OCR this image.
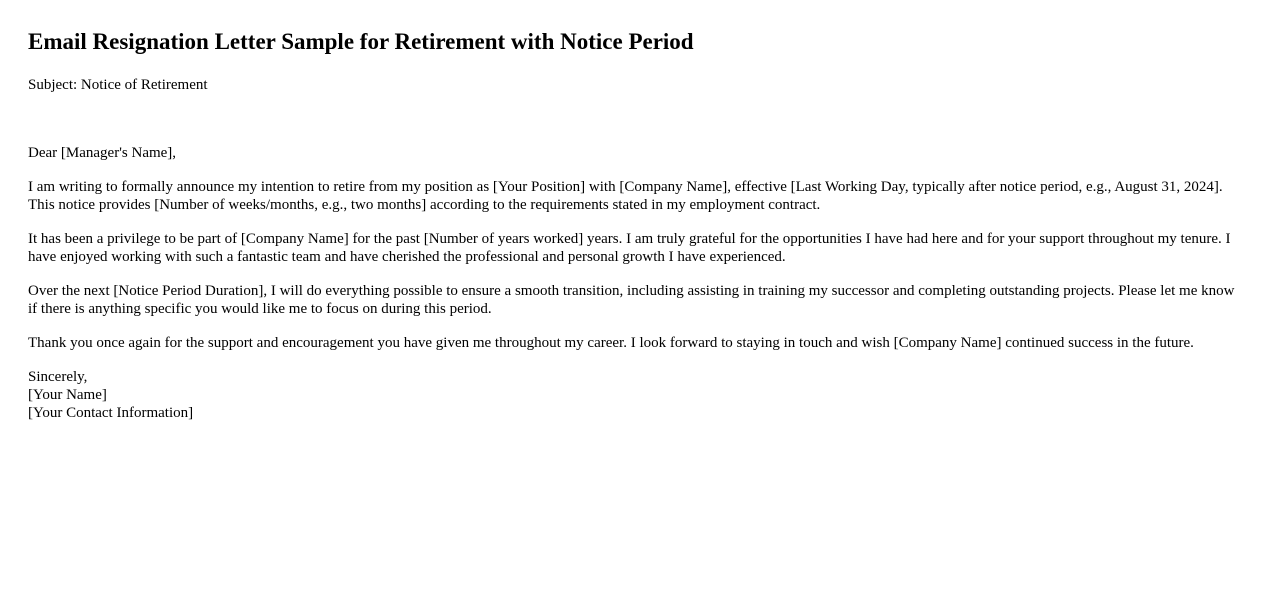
Email Resignation Letter Sample for Retirement with Notice Period
Subject: Notice of Retirement

Dear [Manager's Name],

I am writing to formally announce my intention to retire from my position as [Your Position] with [Company Name], effective [Last Working Day, typically after notice period, e.g., August 31, 2024]. This notice provides [Number of weeks/months, e.g., two months] according to the requirements stated in my employment contract.

It has been a privilege to be part of [Company Name] for the past [Number of years worked] years. I am truly grateful for the opportunities I have had here and for your support throughout my tenure. I have enjoyed working with such a fantastic team and have cherished the professional and personal growth I have experienced.

Over the next [Notice Period Duration], I will do everything possible to ensure a smooth transition, including assisting in training my successor and completing outstanding projects. Please let me know if there is anything specific you would like me to focus on during this period.

Thank you once again for the support and encouragement you have given me throughout my career. I look forward to staying in touch and wish [Company Name] continued success in the future.

Sincerely,
[Your Name]
[Your Contact Information]
